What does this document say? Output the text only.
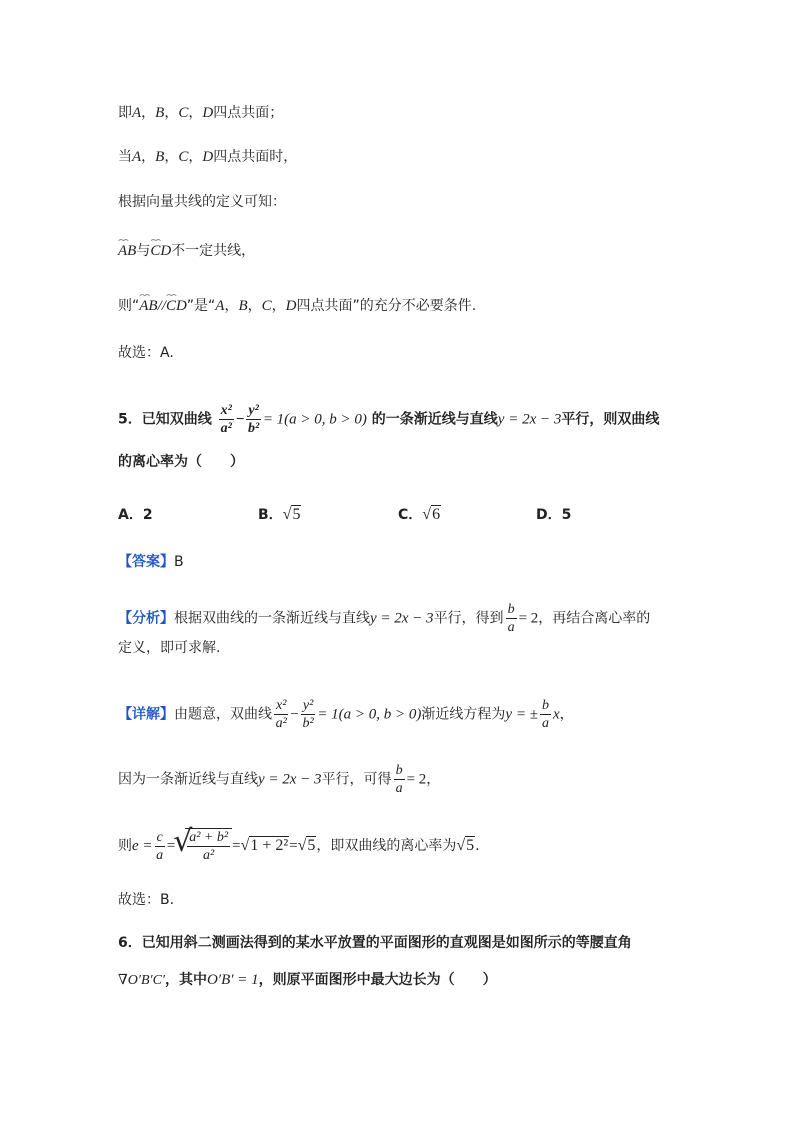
即A，B，C，D四点共面；
当A，B，C，D四点共面时，
根据向量共线的定义可知：
⌢⌢ AB与⌢⌢ CD不一定共线，
则“⌢⌢ AB//⌢⌢ CD”是“A，B，C，D四点共面”的充分不必要条件.
故选：A.
5．已知双曲线 $\frac{\text{x²}}{\text{a²}} - \frac{\text{y²}}{\text{b²}} = 1(a > 0$, b > 0) 的一条渐近线与直线y = 2x − 3平行，则双曲线
的离心率为（　　）
A．2	B．√5	C．√6	D．5
【答案】B
【分析】根据双曲线的一条渐近线与直线y = 2x − 3平行，得到 $\frac{b}{a} = 2$，再结合离心率的
定义，即可求解.
【详解】由题意，双曲线 $\frac{\text{x²}}{\text{a²}} - \frac{\text{y²}}{\text{b²}} = 1(a > 0$, b > 0)渐近线方程为y = ± $\frac{b}{a}$ x，
因为一条渐近线与直线y = 2x − 3平行，可得 $\frac{b}{a} = 2$，
则$e = \frac{c}{a}$ =
√ $\frac{\text{a² + b²}}{\text{a²}} =√1 + 2^2=√5$，即双曲线的离心率为√5.
故选：B.
6．已知用斜二测画法得到的某水平放置的平面图形的直观图是如图所示的等腰直角
∇O′B′C′，其中O′B′ = 1，则原平面图形中最大边长为（　　）
